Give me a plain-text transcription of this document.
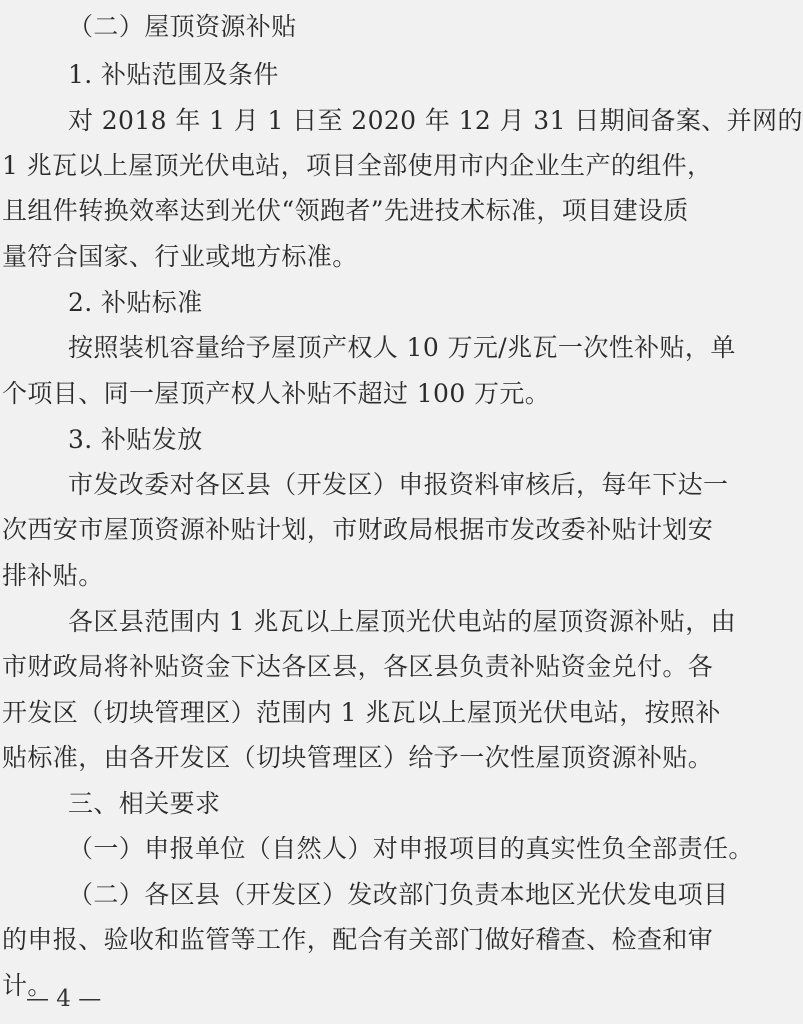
（二）屋顶资源补贴
1. 补贴范围及条件
对 2018 年 1 月 1 日至 2020 年 12 月 31 日期间备案、并网的
1 兆瓦以上屋顶光伏电站，项目全部使用市内企业生产的组件，
且组件转换效率达到光伏“领跑者”先进技术标准，项目建设质
量符合国家、行业或地方标准。
2. 补贴标准
按照装机容量给予屋顶产权人 10 万元/兆瓦一次性补贴，单
个项目、同一屋顶产权人补贴不超过 100 万元。
3. 补贴发放
市发改委对各区县（开发区）申报资料审核后，每年下达一
次西安市屋顶资源补贴计划，市财政局根据市发改委补贴计划安
排补贴。
各区县范围内 1 兆瓦以上屋顶光伏电站的屋顶资源补贴，由
市财政局将补贴资金下达各区县，各区县负责补贴资金兑付。各
开发区（切块管理区）范围内 1 兆瓦以上屋顶光伏电站，按照补
贴标准，由各开发区（切块管理区）给予一次性屋顶资源补贴。
三、相关要求
（一）申报单位（自然人）对申报项目的真实性负全部责任。
（二）各区县（开发区）发改部门负责本地区光伏发电项目
的申报、验收和监管等工作，配合有关部门做好稽查、检查和审
计。
— 4 —
